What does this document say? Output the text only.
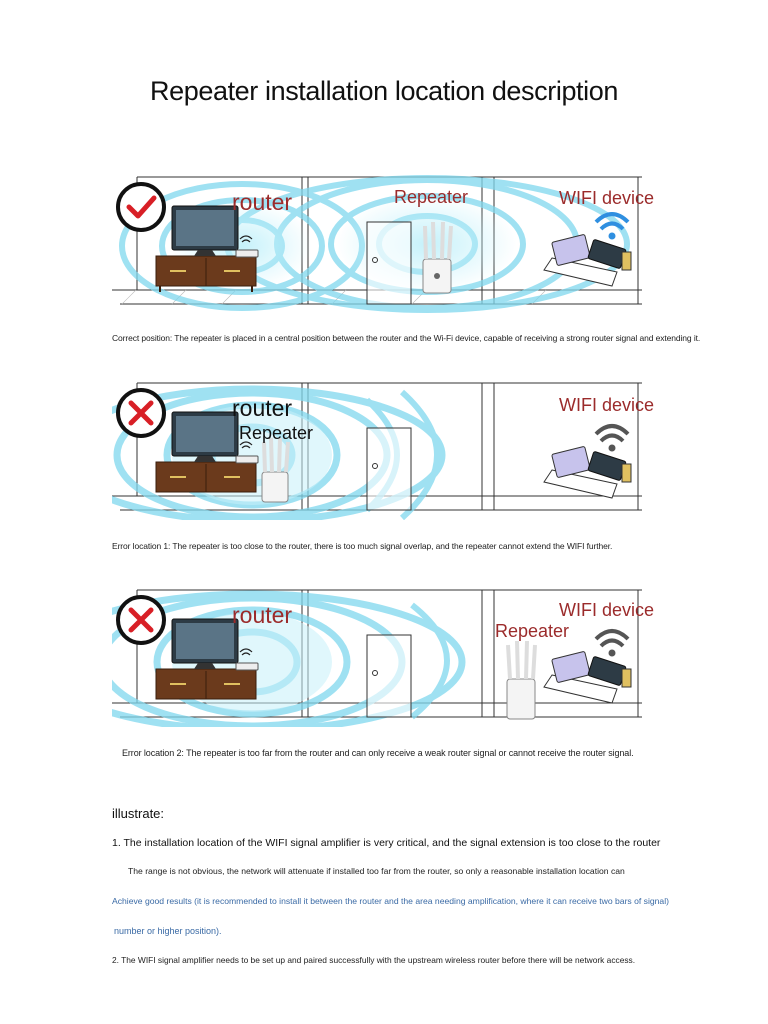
Repeater installation location description
router	Repeater	WIFI device
Correct position: The repeater is placed in a central position between the router and the Wi-Fi device, capable of receiving a strong router signal and extending it.
router
Repeater
WIFI device
Error location 1: The repeater is too close to the router, there is too much signal overlap, and the repeater cannot extend the WIFI further.
router
Repeater
WIFI device
Error location 2: The repeater is too far from the router and can only receive a weak router signal or cannot receive the router signal.
illustrate:
1. The installation location of the WIFI signal amplifier is very critical, and the signal extension is too close to the router
The range is not obvious, the network will attenuate if installed too far from the router, so only a reasonable installation location can
Achieve good results (it is recommended to install it between the router and the area needing amplification, where it can receive two bars of signal)
number or higher position).
2. The WIFI signal amplifier needs to be set up and paired successfully with the upstream wireless router before there will be network access.
